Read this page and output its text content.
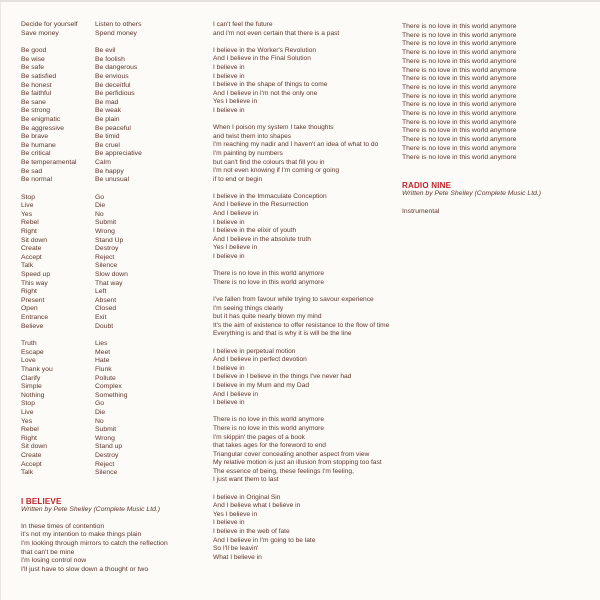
Decide for yourself	Listen to others
Save money	Spend money
Be good	Be evil
Be wise	Be foolish
Be safe	Be dangerous
Be satisfied	Be envious
Be honest	Be deceitful
Be faithful	Be perfidious
Be sane	Be mad
Be strong	Be weak
Be enigmatic	Be plain
Be aggressive	Be peaceful
Be brave	Be timid
Be humane	Be cruel
Be critical	Be appreciative
Be temperamental	Calm
Be sad	Be happy
Be normal	Be unusual
Stop	Go
Live	Die
Yes	No
Rebel	Submit
Right	Wrong
Sit down	Stand Up
Create	Destroy
Accept	Reject
Talk	Silence
Speed up	Slow down
This way	That way
Right	Left
Present	Absent
Open	Closed
Entrance	Exit
Believe	Doubt
Truth	Lies
Escape	Meet
Love	Hate
Thank you	Flunk
Clarify	Pollute
Simple	Complex
Nothing	Something
Stop	Go
Live	Die
Yes	No
Rebel	Submit
Right	Wrong
Sit down	Stand up
Create	Destroy
Accept	Reject
Talk	Silence
I BELIEVE

Written by Pete Shelley (Complete Music Ltd.)

In these times of contention
it's not my intention to make things plain
I'm looking through mirrors to catch the reflection
that can't be mine
I'm losing control now
I'll just have to slow down a thought or two
I can't feel the future
and I'm not even certain that there is a past
I believe in the Worker's Revolution
And I believe in the Final Solution
I believe in
I believe in
I believe in the shape of things to come
And I believe in I'm not the only one
Yes I believe in
I believe in
When I poison my system I take thoughts
and twist them into shapes
I'm reaching my nadir and I haven't an idea of what to do
I'm painting by numbers
but can't find the colours that fill you in
I'm not even knowing if I'm coming or going
if to end or begin
I believe in the Immaculate Conception
And I believe in the Resurrection
And I believe in
I believe in
I believe in the elixir of youth
And I believe in the absolute truth
Yes I believe in
I believe in
There is no love in this world anymore
There is no love in this world anymore
I've fallen from favour while trying to savour experience
I'm seeing things clearly
but it has quite nearly blown my mind
It's the aim of existence to offer resistance to the flow of time
Everything is and that is why it is will be the line
I believe in perpetual motion
And I believe in perfect devotion
I believe in
I believe in I believe in the things I've never had
I believe in my Mum and my Dad
And I believe in
I believe in
There is no love in this world anymore
There is no love in this world anymore
I'm skippin' the pages of a book
that takes ages for the foreword to end
Triangular cover concealing another aspect from view
My relative motion is just an illusion from stopping too fast
The essence of being, these feelings I'm feeling,
I just want them to last
I believe in Original Sin
And I believe what I believe in
Yes I believe in
I believe in
I believe in the web of fate
And I believe in I'm going to be late
So I'll be leavin'
What I believe in
There is no love in this world anymore
There is no love in this world anymore
There is no love in this world anymore
There is no love in this world anymore
There is no love in this world anymore
There is no love in this world anymore
There is no love in this world anymore
There is no love in this world anymore
There is no love in this world anymore
There is no love in this world anymore
There is no love in this world anymore
There is no love in this world anymore
There is no love in this world anymore
There is no love in this world anymore
There is no love in this world anymore
There is no love in this world anymore
RADIO NINE

Written by Pete Shelley (Complete Music Ltd.)

Instrumental
